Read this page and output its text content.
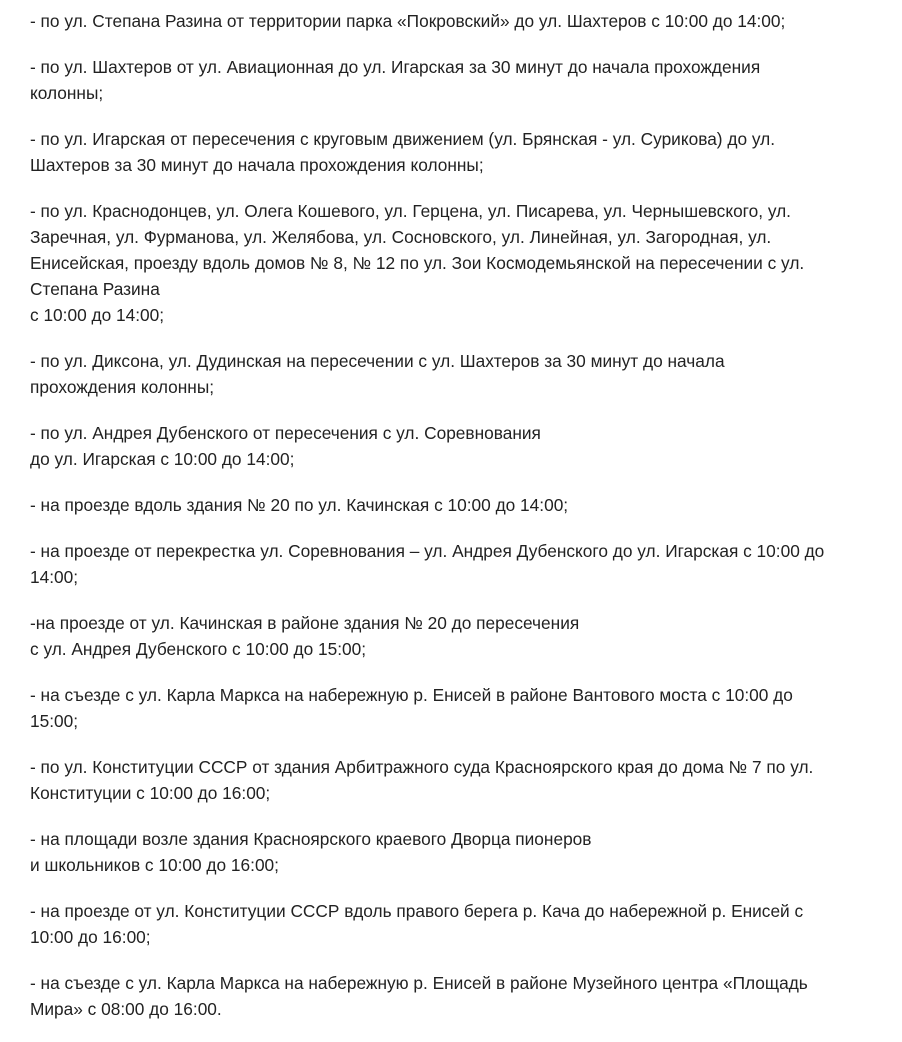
- по ул. Степана Разина от территории парка «Покровский» до ул. Шахтеров с 10:00 до 14:00;

- по ул. Шахтеров от ул. Авиационная до ул. Игарская за 30 минут до начала прохождения
колонны;

- по ул. Игарская от пересечения с круговым движением (ул. Брянская - ул. Сурикова) до ул.
Шахтеров за 30 минут до начала прохождения колонны;

- по ул. Краснодонцев, ул. Олега Кошевого, ул. Герцена, ул. Писарева, ул. Чернышевского, ул.
Заречная, ул. Фурманова, ул. Желябова, ул. Сосновского, ул. Линейная, ул. Загородная, ул.
Енисейская, проезду вдоль домов № 8, № 12 по ул. Зои Космодемьянской на пересечении с ул.
Степана Разина
с 10:00 до 14:00;

- по ул. Диксона, ул. Дудинская на пересечении с ул. Шахтеров за 30 минут до начала
прохождения колонны;

- по ул. Андрея Дубенского от пересечения с ул. Соревнования
до ул. Игарская с 10:00 до 14:00;

- на проезде вдоль здания № 20 по ул. Качинская с 10:00 до 14:00;

- на проезде от перекрестка ул. Соревнования – ул. Андрея Дубенского до ул. Игарская с 10:00 до
14:00;

-на проезде от ул. Качинская в районе здания № 20 до пересечения
с ул. Андрея Дубенского с 10:00 до 15:00;

- на съезде с ул. Карла Маркса на набережную р. Енисей в районе Вантового моста с 10:00 до
15:00;

- по ул. Конституции СССР от здания Арбитражного суда Красноярского края до дома № 7 по ул.
Конституции с 10:00 до 16:00;

- на площади возле здания Красноярского краевого Дворца пионеров
и школьников с 10:00 до 16:00;

- на проезде от ул. Конституции СССР вдоль правого берега р. Кача до набережной р. Енисей с
10:00 до 16:00;

- на съезде с ул. Карла Маркса на набережную р. Енисей в районе Музейного центра «Площадь
Мира» с 08:00 до 16:00.
